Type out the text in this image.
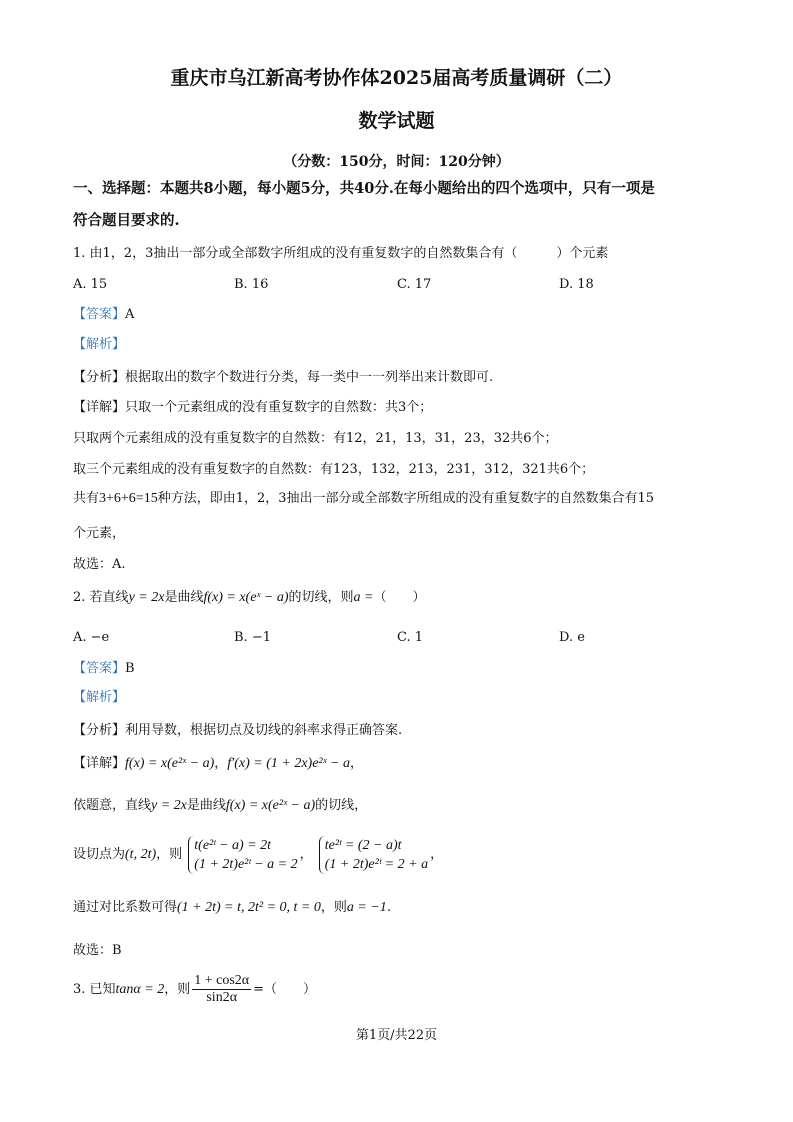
重庆市乌江新高考协作体2025届高考质量调研（二）
数学试题
（分数：150分，时间：120分钟）
一、选择题：本题共8小题，每小题5分，共40分.在每小题给出的四个选项中，只有一项是
符合题目要求的.
1. 由1，2，3抽出一部分或全部数字所组成的没有重复数字的自然数集合有（　　　）个元素
A. 15	B. 16	C. 17	D. 18
【答案】A
【解析】
【分析】根据取出的数字个数进行分类，每一类中一一列举出来计数即可.
【详解】只取一个元素组成的没有重复数字的自然数：共3个；
只取两个元素组成的没有重复数字的自然数：有12，21，13，31，23，32共6个；
取三个元素组成的没有重复数字的自然数：有123，132，213，231，312，321共6个；
共有3+6+6=15种方法，即由1，2，3抽出一部分或全部数字所组成的没有重复数字的自然数集合有15
个元素，
故选：A.
2. 若直线y = 2x是曲线f(x) = x(eˣ − a)的切线，则a =（　　）
A. −e	B. −1	C. 1	D. e
【答案】B
【解析】
【分析】利用导数，根据切点及切线的斜率求得正确答案.
【详解】f(x) = x(e²ˣ − a)，f′(x) = (1 + 2x)e²ˣ − a，
依题意，直线y = 2x是曲线f(x) = x(e²ˣ − a)的切线，
设切点为(t, 2t)，则
t(e²ᵗ − a) = 2t
(1 + 2t)e²ᵗ − a = 2
，
te²ᵗ = (2 − a)t
(1 + 2t)e²ᵗ = 2 + a
，
通过对比系数可得(1 + 2t) = t, 2t² = 0, t = 0，则a = −1.
故选：B
3. 已知tanα = 2，则 $\frac{1 + \cos 2\alpha}{\sin 2\alpha}$ =（　　）
第1页/共22页
